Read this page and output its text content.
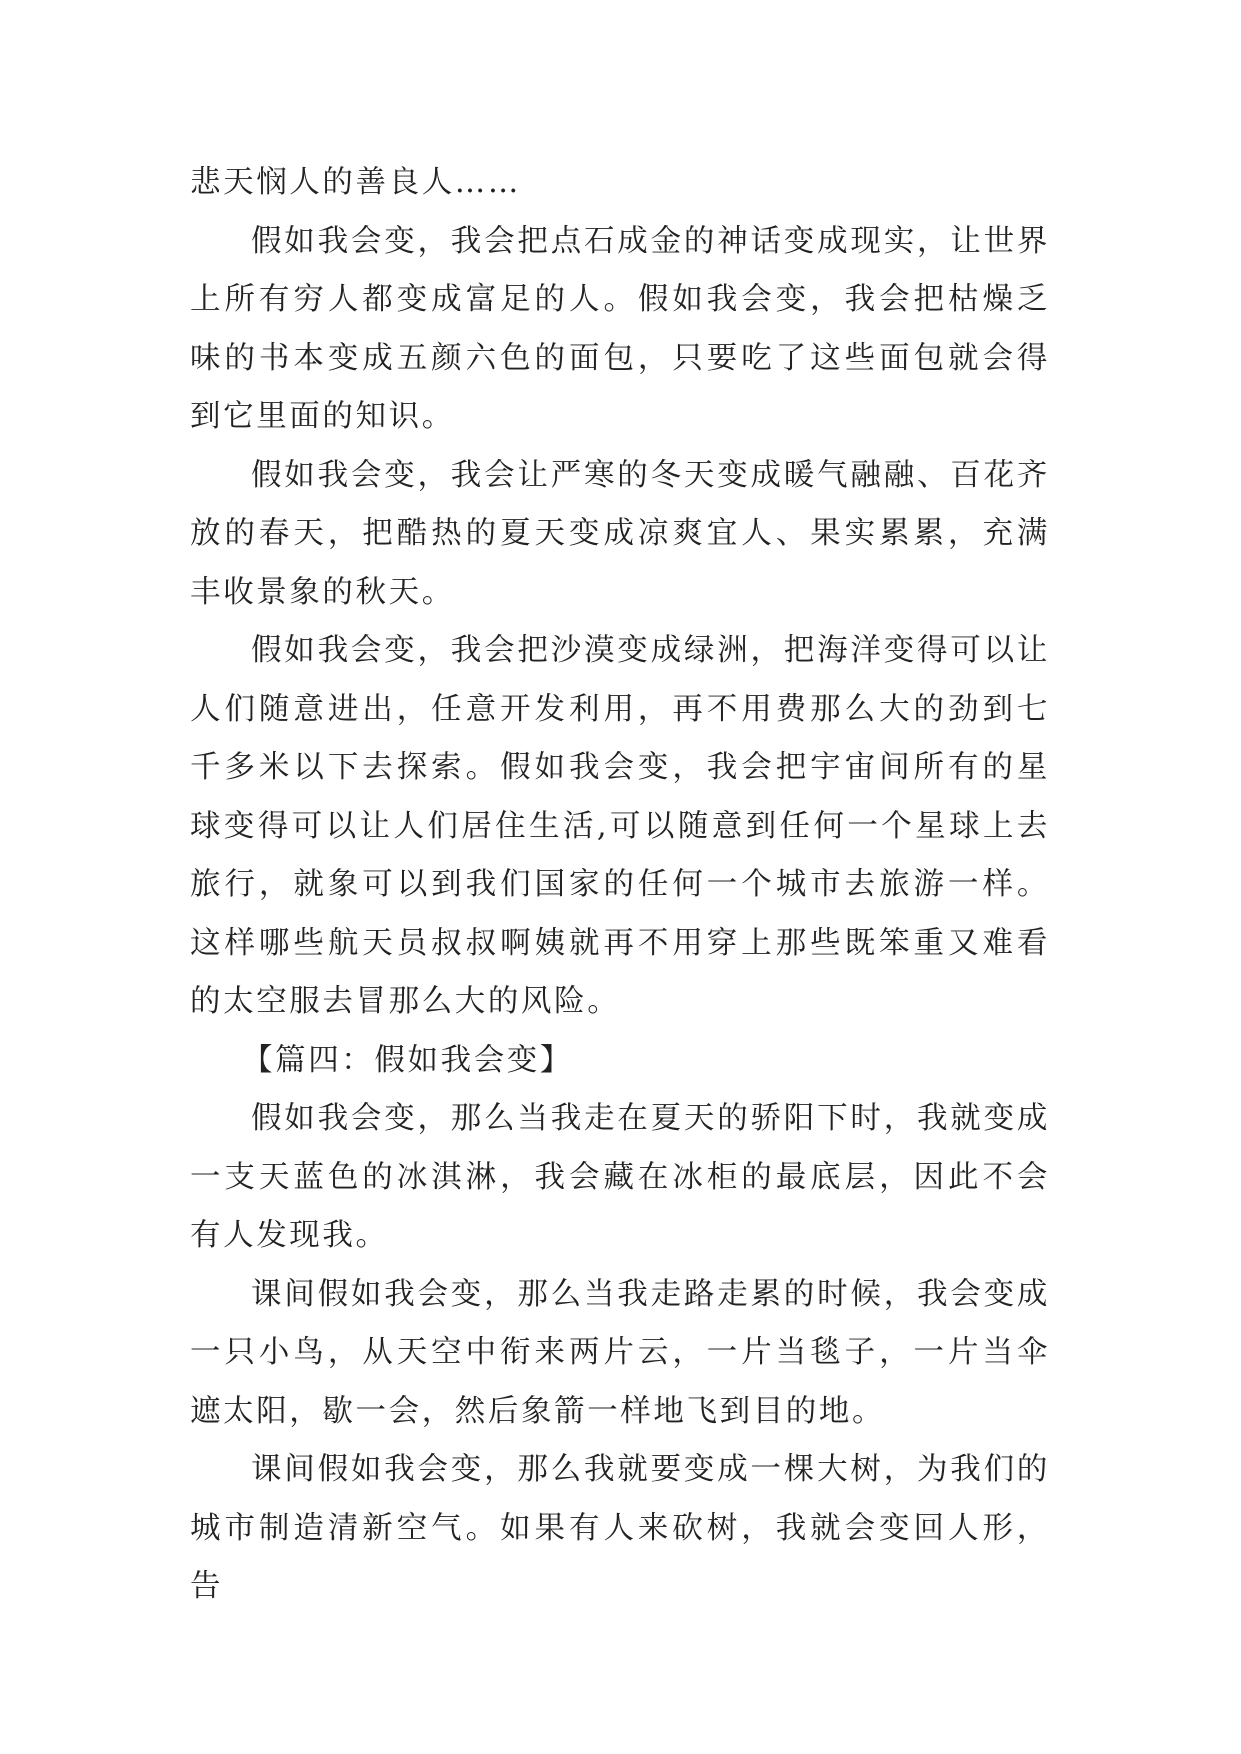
悲天悯人的善良人……

假如我会变，我会把点石成金的神话变成现实，让世界上所有穷人都变成富足的人。假如我会变，我会把枯燥乏味的书本变成五颜六色的面包，只要吃了这些面包就会得到它里面的知识。

假如我会变，我会让严寒的冬天变成暖气融融、百花齐放的春天，把酷热的夏天变成凉爽宜人、果实累累，充满丰收景象的秋天。

假如我会变，我会把沙漠变成绿洲，把海洋变得可以让人们随意进出，任意开发利用，再不用费那么大的劲到七千多米以下去探索。假如我会变，我会把宇宙间所有的星球变得可以让人们居住生活,可以随意到任何一个星球上去旅行，就象可以到我们国家的任何一个城市去旅游一样。这样哪些航天员叔叔啊姨就再不用穿上那些既笨重又难看的太空服去冒那么大的风险。

【篇四：假如我会变】

假如我会变，那么当我走在夏天的骄阳下时，我就变成一支天蓝色的冰淇淋，我会藏在冰柜的最底层，因此不会有人发现我。

课间假如我会变，那么当我走路走累的时候，我会变成一只小鸟，从天空中衔来两片云，一片当毯子，一片当伞遮太阳，歇一会，然后象箭一样地飞到目的地。

课间假如我会变，那么我就要变成一棵大树，为我们的城市制造清新空气。如果有人来砍树，我就会变回人形，告
